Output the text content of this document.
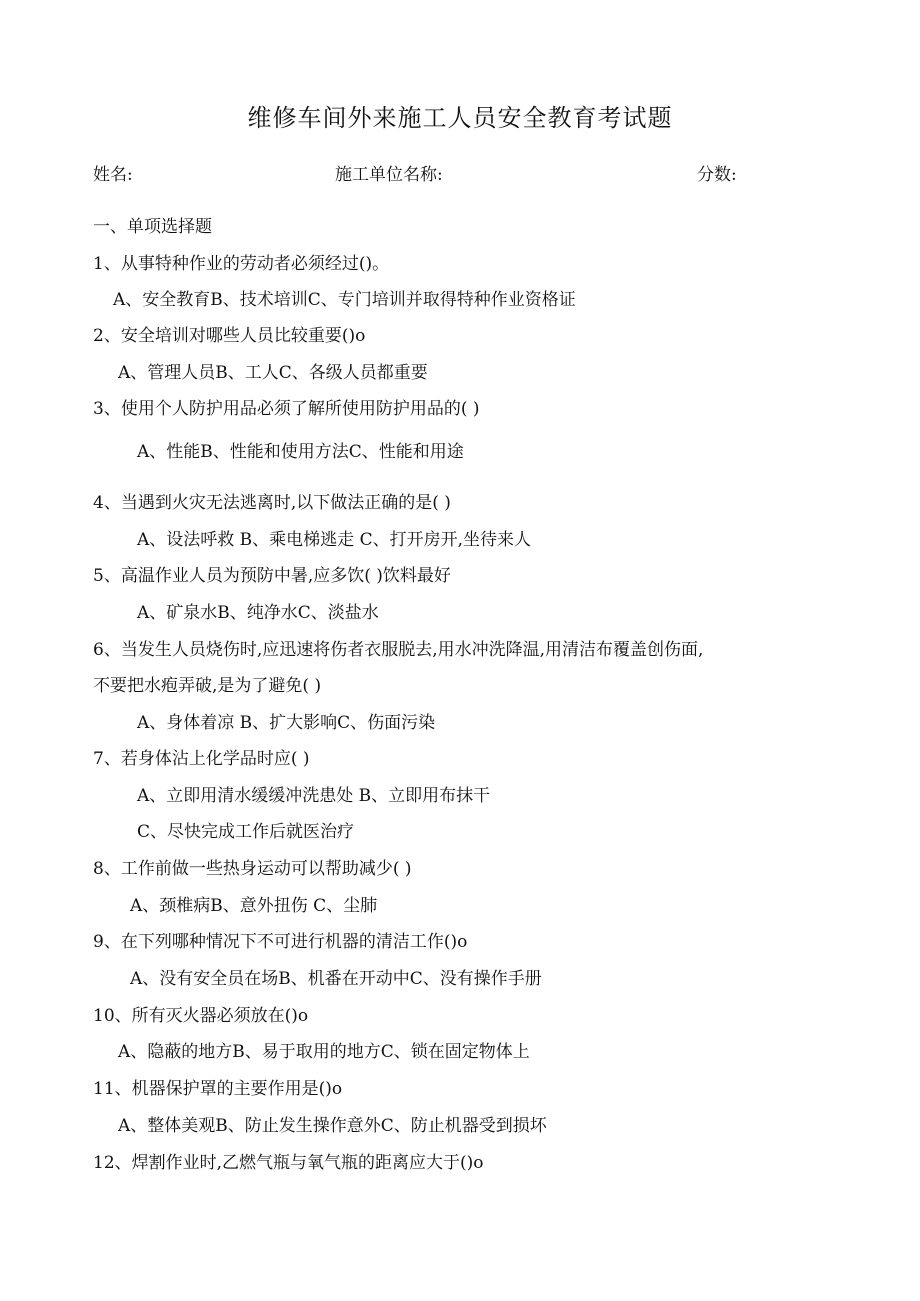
维修车间外来施工人员安全教育考试题
姓名:	施工单位名称:	分数:
一、单项选择题
1、从事特种作业的劳动者必须经过()。
A、安全教育B、技术培训C、专门培训并取得特种作业资格证
2、安全培训对哪些人员比较重要()o
A、管理人员B、工人C、各级人员都重要
3、使用个人防护用品必须了解所使用防护用品的( )
A、性能B、性能和使用方法C、性能和用途
4、当遇到火灾无法逃离时,以下做法正确的是( )
A、设法呼救 B、乘电梯逃走 C、打开房开,坐待来人
5、高温作业人员为预防中暑,应多饮( )饮料最好
A、矿泉水B、纯净水C、淡盐水
6、当发生人员烧伤时,应迅速将伤者衣服脱去,用水冲洗降温,用清洁布覆盖创伤面,
不要把水疱弄破,是为了避免( )
A、身体着凉 B、扩大影响C、伤面污染
7、若身体沾上化学品时应( )
A、立即用清水缓缓冲洗患处 B、立即用布抹干
C、尽快完成工作后就医治疗
8、工作前做一些热身运动可以帮助减少( )
A、颈椎病B、意外扭伤 C、尘肺
9、在下列哪种情况下不可进行机器的清洁工作()o
A、没有安全员在场B、机番在开动中C、没有操作手册
10、所有灭火器必须放在()o
A、隐蔽的地方B、易于取用的地方C、锁在固定物体上
11、机器保护罩的主要作用是()o
A、整体美观B、防止发生操作意外C、防止机器受到损坏
12、焊割作业时,乙燃气瓶与氧气瓶的距离应大于()o
